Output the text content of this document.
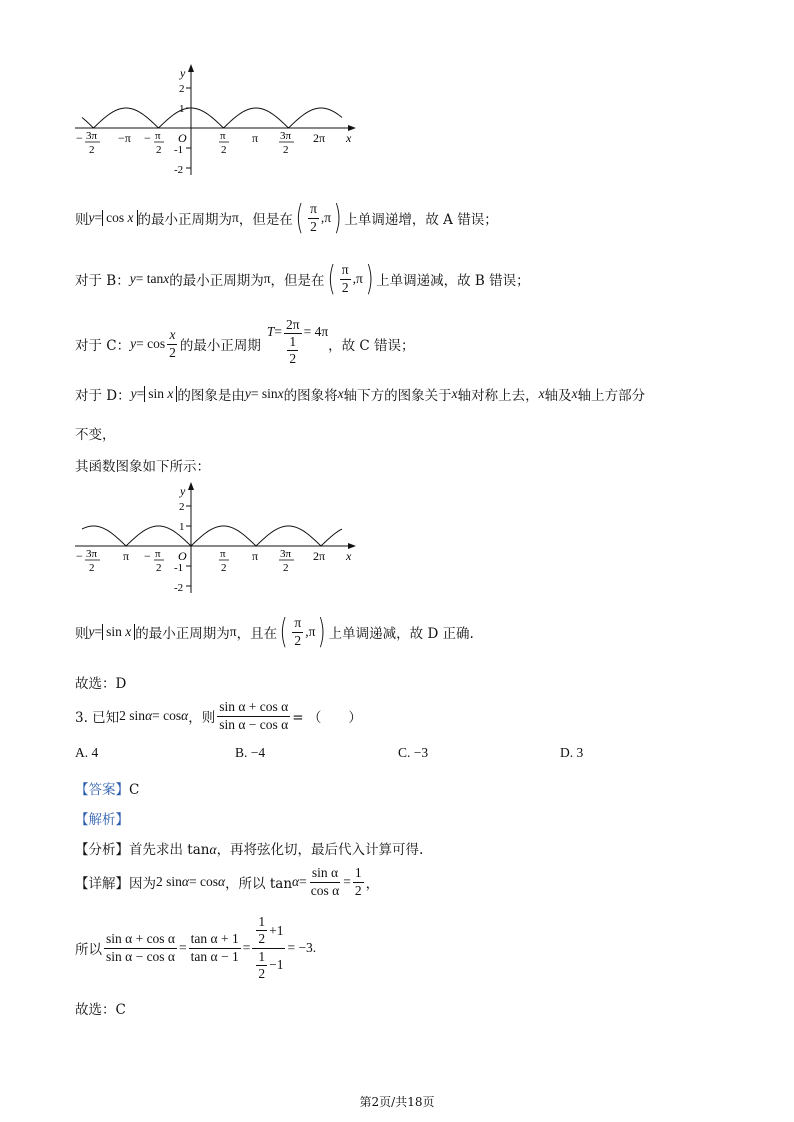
y
x
O
2
1
-1
-2
− 3π
2
−π − π
2
π
2
π 3π
2
2π
则 y = cos x 的最小正周期为 π ，但是在 ( $\frac{\pi}{2}$ , π ) 上单调递增，故 A 错误；
对于 B： y = tan x 的最小正周期为 π ，但是在 ( $\frac{\pi}{2}$ , π ) 上单调递减，故 B 错误；
对于 C： $y = \cos \frac{x}{2}$ 的最小正周期
$T = \frac{2\pi}{\frac{1}{2}} = 4\pi$
，故 C 错误；
对于 D： y = sin x 的图象是由 y = sin x 的图象将 x 轴下方的图象关于 x 轴对称上去， x 轴及 x 轴上方部分
不变，
其函数图象如下所示：
y
x
O
2
1
-1
-2
− 3π
2
π − π
2
π
2
π 3π
2
2π
则 y = sin x 的最小正周期为 π ，且在 ( $\frac{\pi}{2}$ , π ) 上单调递减，故 D 正确.
故选：D
3. 已知 2 sin α = cos α ，则 $\frac{\text{sin α + cos α}}{\text{sin α − cos α}}$ = （　　）
A. 4	B. −4	C. −3	D. 3
【答案】C
【解析】
【分析】首先求出 tanα，再将弦化切，最后代入计算可得.
【详解】 因为 2 sin α = cos α ，所以 $\tan \alpha = \frac{\text{sin α}}{\text{cos α}} = \frac{1}{2}$ ，
所以 $\frac{\text{sin α + cos α}}{\text{sin α − cos α}} = \frac{\text{tan α + 1}}{\text{tan α − 1}} = \frac{\frac{1}{2} +1}{\frac{1}{2} -1} = -3$.
故选：C
第2页/共18页
